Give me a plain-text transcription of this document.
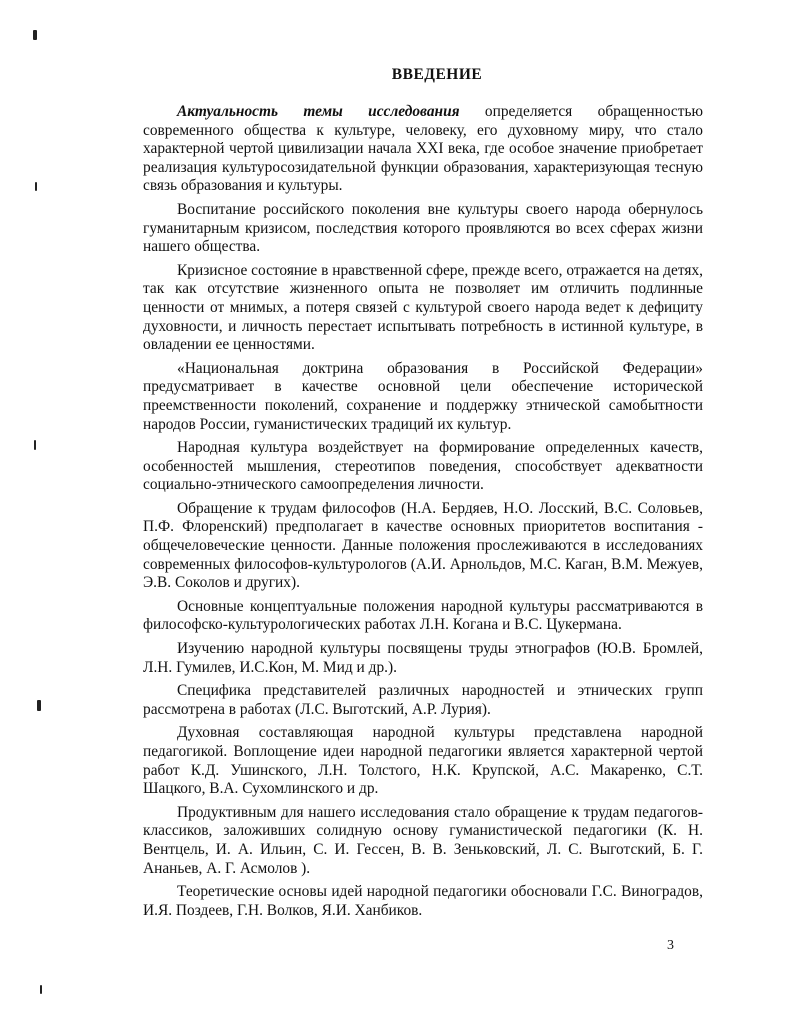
ВВЕДЕНИЕ

Актуальность темы исследования определяется обращенностью современного общества к культуре, человеку, его духовному миру, что стало характерной чертой цивилизации начала XXI века, где особое значение приобретает реализация культуросозидательной функции образования, характеризующая тесную связь образования и культуры.

Воспитание российского поколения вне культуры своего народа обернулось гуманитарным кризисом, последствия которого проявляются во всех сферах жизни нашего общества.

Кризисное состояние в нравственной сфере, прежде всего, отражается на детях, так как отсутствие жизненного опыта не позволяет им отличить подлинные ценности от мнимых, а потеря связей с культурой своего народа ведет к дефициту духовности, и личность перестает испытывать потребность в истинной культуре, в овладении ее ценностями.

«Национальная доктрина образования в Российской Федерации» предусматривает в качестве основной цели обеспечение исторической преемственности поколений, сохранение и поддержку этнической самобытности народов России, гуманистических традиций их культур.

Народная культура воздействует на формирование определенных качеств, особенностей мышления, стереотипов поведения, способствует адекватности социально-этнического самоопределения личности.

Обращение к трудам философов (Н.А. Бердяев, Н.О. Лосский, B.C. Соловьев, П.Ф. Флоренский) предполагает в качестве основных приоритетов воспитания - общечеловеческие ценности. Данные положения прослеживаются в исследованиях современных философов-культурологов (А.И. Арнольдов, М.С. Каган, В.М. Межуев, Э.В. Соколов и других).

Основные концептуальные положения народной культуры рассматриваются в философско-культурологических работах Л.Н. Когана и B.C. Цукермана.

Изучению народной культуры посвящены труды этнографов (Ю.В. Бромлей, Л.Н. Гумилев, И.С.Кон, М. Мид и др.).

Специфика представителей различных народностей и этнических групп рассмотрена в работах (Л.С. Выготский, А.Р. Лурия).

Духовная составляющая народной культуры представлена народной педагогикой. Воплощение идеи народной педагогики является характерной чертой работ К.Д. Ушинского, Л.Н. Толстого, Н.К. Крупской, А.С. Макаренко, С.Т. Шацкого, В.А. Сухомлинского и др.

Продуктивным для нашего исследования стало обращение к трудам педагогов-классиков, заложивших солидную основу гуманистической педагогики (К. Н. Вентцель, И. А. Ильин, С. И. Гессен, В. В. Зеньковский, Л. С. Выготский, Б. Г. Ананьев, А. Г. Асмолов ).

Теоретические основы идей народной педагогики обосновали Г.С. Виноградов, И.Я. Поздеев, Г.Н. Волков, Я.И. Ханбиков.

3
